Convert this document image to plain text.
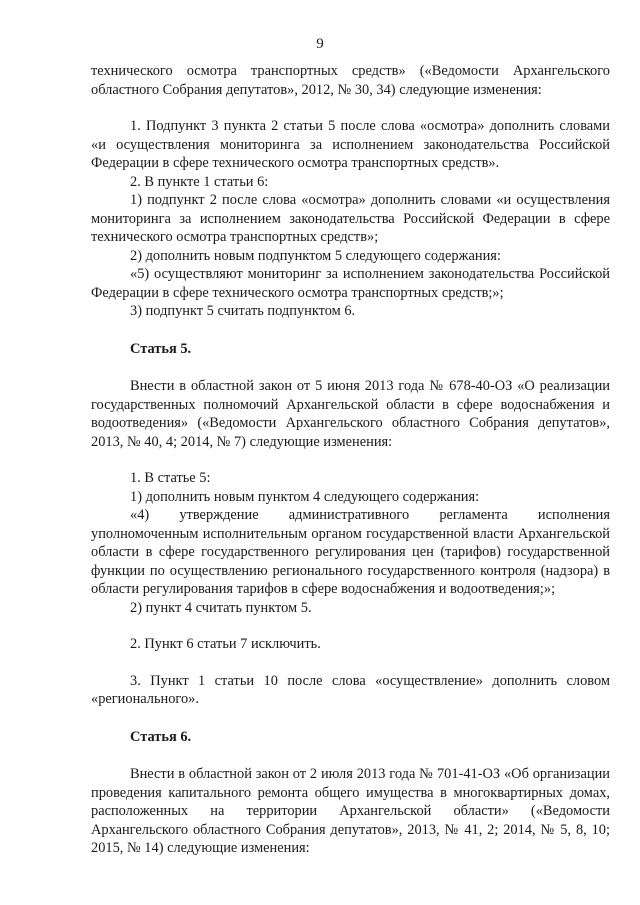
9

технического осмотра транспортных средств» («Ведомости Архангельского областного Собрания депутатов», 2012, № 30, 34) следующие изменения:

1. Подпункт 3 пункта 2 статьи 5 после слова «осмотра» дополнить словами «и осуществления мониторинга за исполнением законодательства Российской Федерации в сфере технического осмотра транспортных средств».

2. В пункте 1 статьи 6:

1) подпункт 2 после слова «осмотра» дополнить словами «и осуществления мониторинга за исполнением законодательства Российской Федерации в сфере технического осмотра транспортных средств»;

2) дополнить новым подпунктом 5 следующего содержания:

«5) осуществляют мониторинг за исполнением законодательства Российской Федерации в сфере технического осмотра транспортных средств;»;

3) подпункт 5 считать подпунктом 6.

Статья 5.

Внести в областной закон от 5 июня 2013 года № 678-40-ОЗ «О реализации государственных полномочий Архангельской области в сфере водоснабжения и водоотведения» («Ведомости Архангельского областного Собрания депутатов», 2013, № 40, 4; 2014, № 7) следующие изменения:

1. В статье 5:

1) дополнить новым пунктом 4 следующего содержания:

«4) утверждение административного регламента исполнения уполномоченным исполнительным органом государственной власти Архангельской области в сфере государственного регулирования цен (тарифов) государственной функции по осуществлению регионального государственного контроля (надзора) в области регулирования тарифов в сфере водоснабжения и водоотведения;»;

2) пункт 4 считать пунктом 5.

2. Пункт 6 статьи 7 исключить.

3. Пункт 1 статьи 10 после слова «осуществление» дополнить словом «регионального».

Статья 6.

Внести в областной закон от 2 июля 2013 года № 701-41-ОЗ «Об организации проведения капитального ремонта общего имущества в многоквартирных домах, расположенных на территории Архангельской области» («Ведомости Архангельского областного Собрания депутатов», 2013, № 41, 2; 2014, № 5, 8, 10; 2015, № 14) следующие изменения:
